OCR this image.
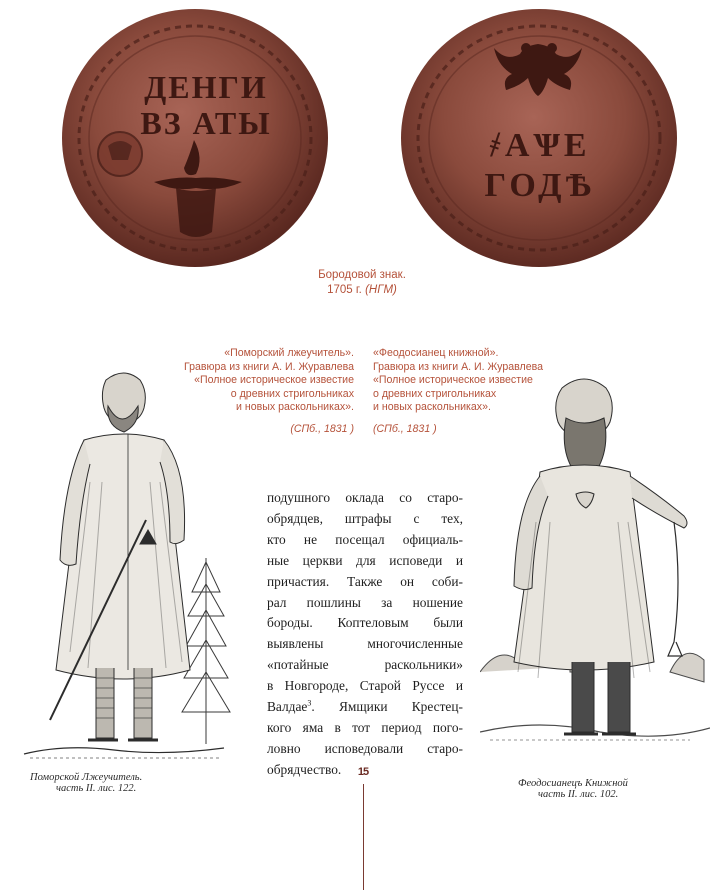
ДЕНГИ
ВЗ АТЫ
҂АѰЕ
ГОДѢ
Бородовой знак.
1705 г. (НГМ)
«Поморский лжеучитель».
Гравюра из книги А. И. Журавлева
«Полное историческое известие
о древних стригольниках
и новых раскольниках».
(СПб., 1831 )
«Феодосианец книжной».
Гравюра из книги А. И. Журавлева
«Полное историческое известие
о древних стригольниках
и новых раскольниках».
(СПб., 1831 )
Поморской Лжеучитель.
часть II. лис. 122.	Феодосианецъ Книжной
часть II. лис. 102.
подушного оклада со старо-
обрядцев, штрафы с тех,
кто не посещал официаль-
ные церкви для исповеди и
причастия. Также он соби-
рал пошлины за ношение
бороды. Коптеловым были
выявлены многочисленные
«потайные раскольники»
в Новгороде, Старой Руссе и
Валдае$^3$. Ямщики Крестец-
кого яма в тот период пого-
ловно исповедовали старо-
обрядчество.	15
